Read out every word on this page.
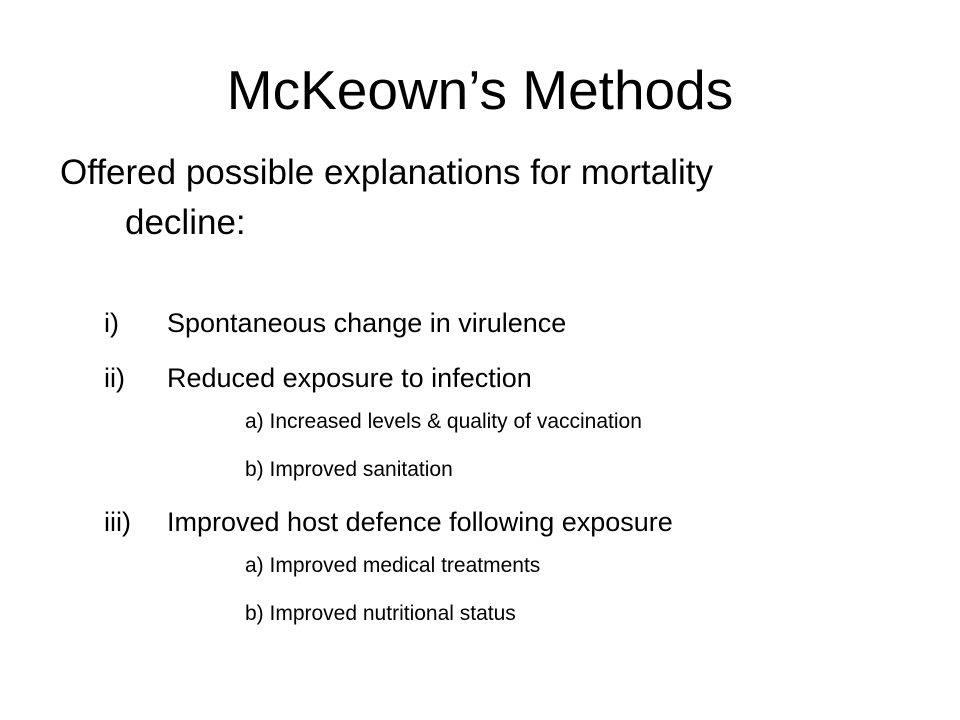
McKeown’s Methods
Offered possible explanations for mortality
decline:
i) Spontaneous change in virulence
ii) Reduced exposure to infection
a) Increased levels & quality of vaccination
b) Improved sanitation
iii) Improved host defence following exposure
a) Improved medical treatments
b) Improved nutritional status
